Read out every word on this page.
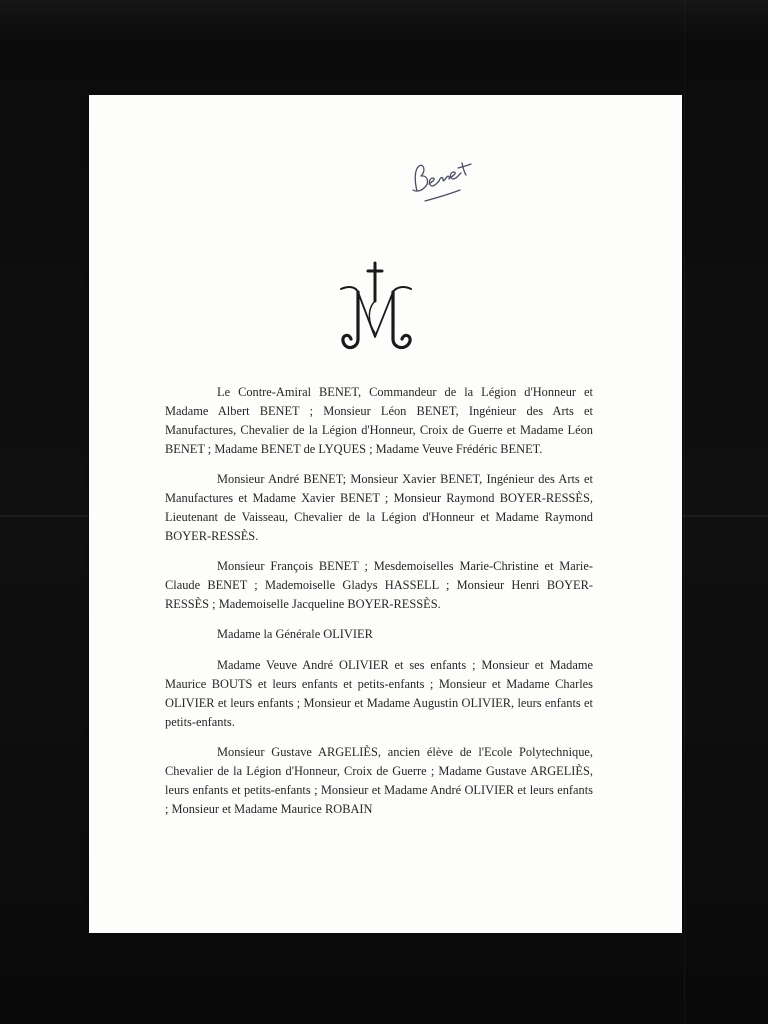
Le Contre-Amiral BENET, Commandeur de la Légion d'Honneur et Madame Albert BENET ; Monsieur Léon BENET, Ingénieur des Arts et Manufactures, Chevalier de la Légion d'Honneur, Croix de Guerre et Madame Léon BENET ; Madame BENET de LYQUES ; Madame Veuve Frédéric BENET.

Monsieur André BENET; Monsieur Xavier BENET, Ingénieur des Arts et Manufactures et Madame Xavier BENET ; Monsieur Raymond BOYER-RESSÈS, Lieutenant de Vaisseau, Chevalier de la Légion d'Honneur et Madame Raymond BOYER-RESSÈS.

Monsieur François BENET ; Mesdemoiselles Marie-Christine et Marie-Claude BENET ; Mademoiselle Gladys HASSELL ; Monsieur Henri BOYER-RESSÈS ; Mademoiselle Jacqueline BOYER-RESSÈS.

Madame la Générale OLIVIER

Madame Veuve André OLIVIER et ses enfants ; Monsieur et Madame Maurice BOUTS et leurs enfants et petits-enfants ; Monsieur et Madame Charles OLIVIER et leurs enfants ; Monsieur et Madame Augustin OLIVIER, leurs enfants et petits-enfants.

Monsieur Gustave ARGELIÈS, ancien élève de l'Ecole Polytechnique, Chevalier de la Légion d'Honneur, Croix de Guerre ; Madame Gustave ARGELIÈS, leurs enfants et petits-enfants ; Monsieur et Madame André OLIVIER et leurs enfants ; Monsieur et Madame Maurice ROBAIN
